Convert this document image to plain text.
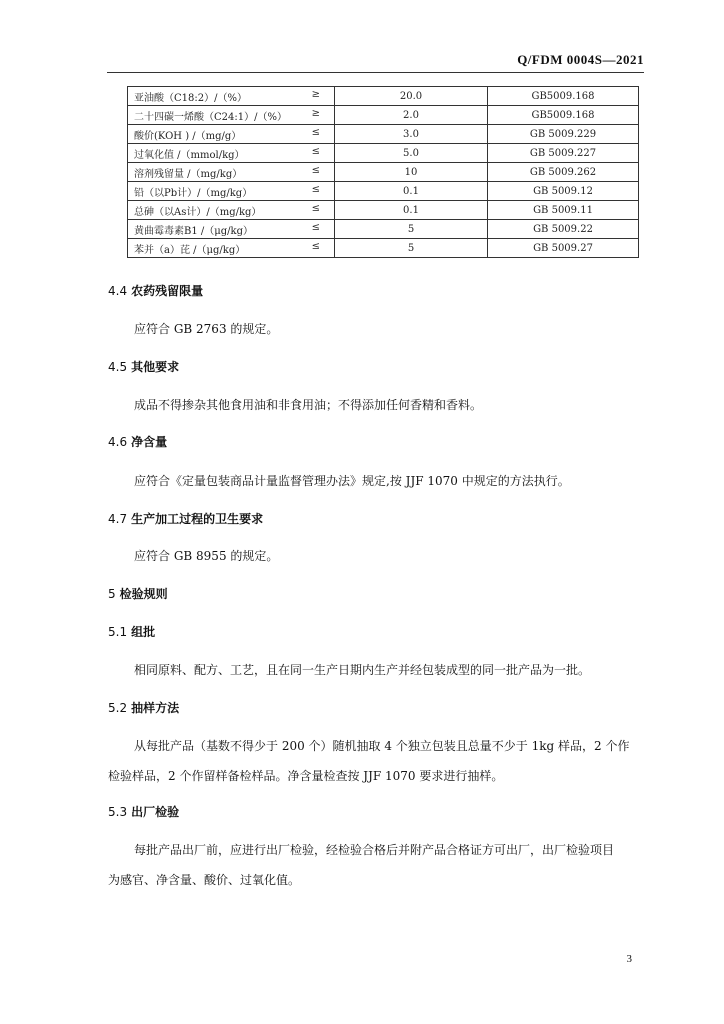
Q/FDM 0004S—2021
亚油酸（C18:2）/（%） ≥	20.0	GB5009.168
二十四碳一烯酸（C24:1）/（%） ≥	2.0	GB5009.168
酸价(KOH ) /（mg/g） ≤	3.0	GB 5009.229
过氧化值 /（mmol/kg） ≤	5.0	GB 5009.227
溶剂残留量 /（mg/kg） ≤	10	GB 5009.262
铅（以Pb计）/（mg/kg） ≤	0.1	GB 5009.12
总砷（以As计）/（mg/kg） ≤	0.1	GB 5009.11
黄曲霉毒素B1 /（μg/kg） ≤	5	GB 5009.22
苯并（a）芘 /（μg/kg） ≤	5	GB 5009.27
4.4 农药残留限量
应符合 GB 2763 的规定。
4.5 其他要求
成品不得掺杂其他食用油和非食用油；不得添加任何香精和香料。
4.6 净含量
应符合《定量包装商品计量监督管理办法》规定,按 JJF 1070 中规定的方法执行。
4.7 生产加工过程的卫生要求
应符合 GB 8955 的规定。
5 检验规则
5.1 组批
相同原料、配方、工艺，且在同一生产日期内生产并经包装成型的同一批产品为一批。
5.2 抽样方法
从每批产品（基数不得少于 200 个）随机抽取 4 个独立包装且总量不少于 1kg 样品，2 个作
检验样品，2 个作留样备检样品。净含量检查按 JJF 1070 要求进行抽样。
5.3 出厂检验
每批产品出厂前，应进行出厂检验，经检验合格后并附产品合格证方可出厂，出厂检验项目
为感官、净含量、酸价、过氧化值。
3
